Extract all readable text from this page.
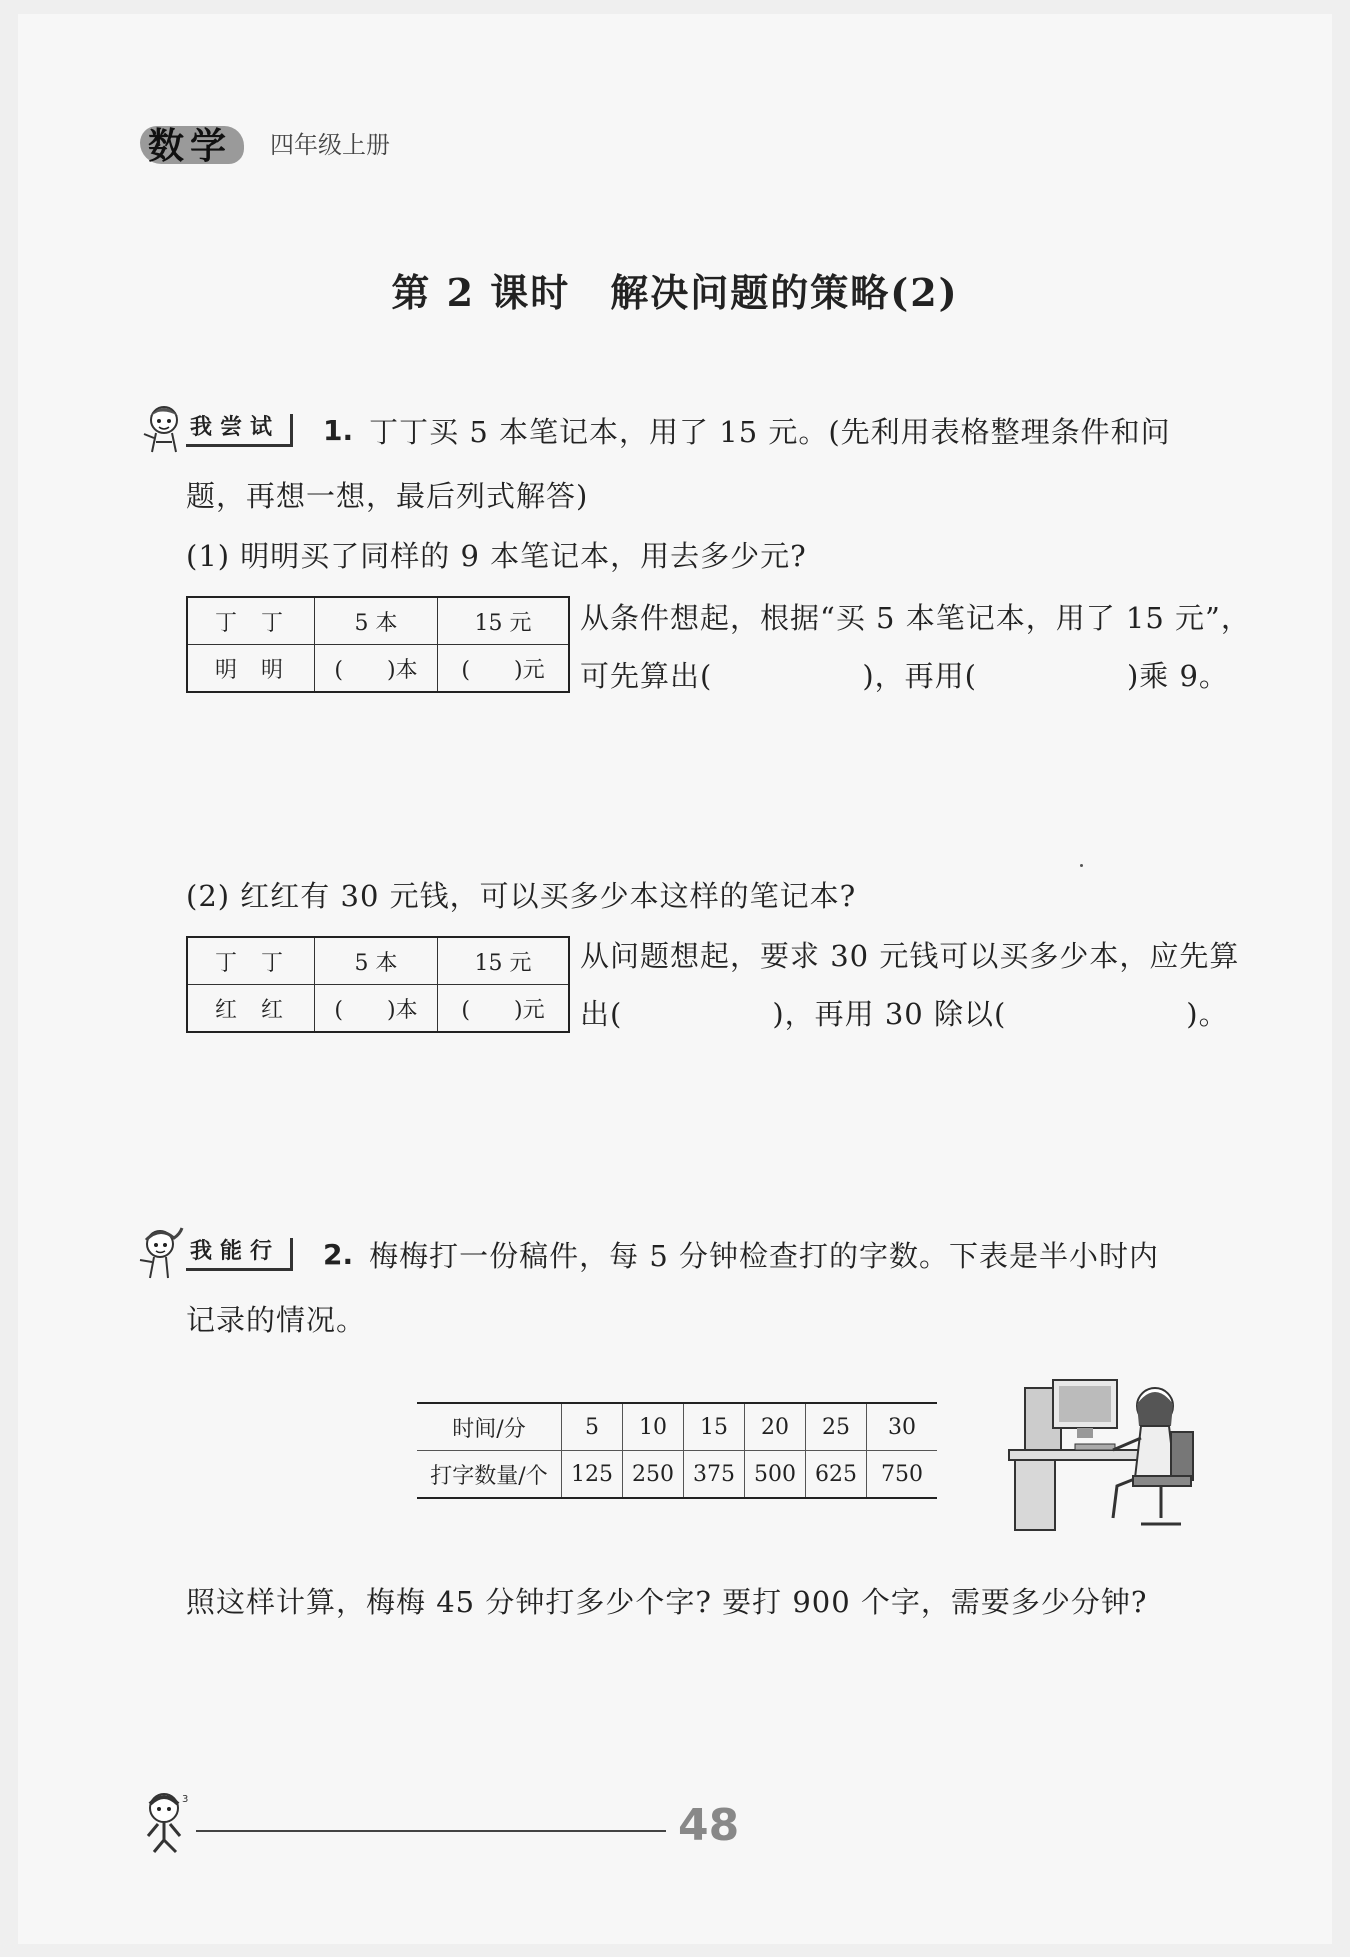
数学 四年级上册
第 2 课时　解决问题的策略(2)
我尝试	1. 丁丁买 5 本笔记本，用了 15 元。(先利用表格整理条件和问
题，再想一想，最后列式解答)
(1) 明明买了同样的 9 本笔记本，用去多少元?
丁丁	5 本	15 元
明明	(　　)本	(　　)元
从条件想起，根据“买 5 本笔记本，用了 15 元”，
可先算出(　　　　　)，再用(　　　　　)乘 9。
(2) 红红有 30 元钱，可以买多少本这样的笔记本?
丁丁	5 本	15 元
红红	(　　)本	(　　)元
从问题想起，要求 30 元钱可以买多少本，应先算
出(　　　　　)，再用 30 除以(　　　　　　)。
我能行	2. 梅梅打一份稿件，每 5 分钟检查打的字数。下表是半小时内
记录的情况。
时间/分	5	10	15	20	25	30
打字数量/个	125	250	375	500	625	750
照这样计算，梅梅 45 分钟打多少个字? 要打 900 个字，需要多少分钟?
3
48
